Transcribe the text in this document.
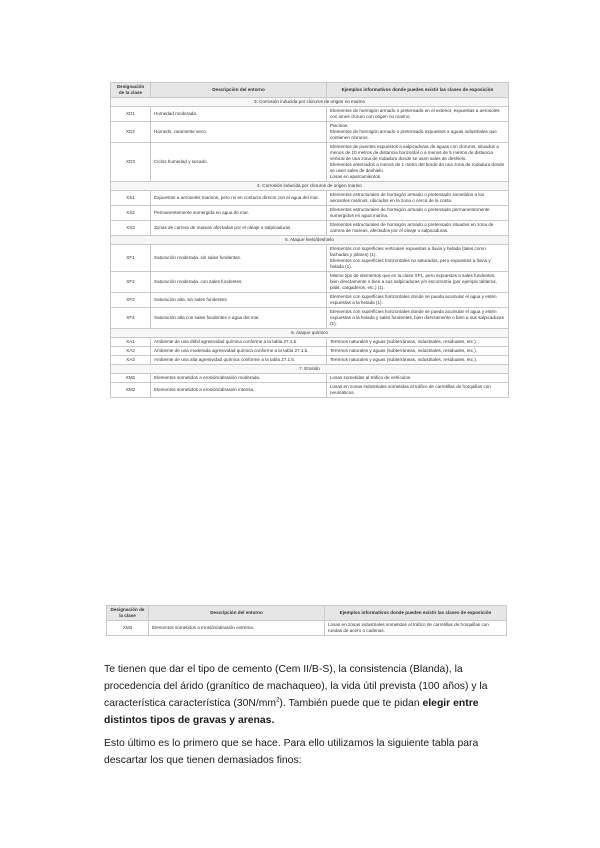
Designación de la clase	Descripción del entorno	Ejemplos informativos donde pueden existir las clases de exposición
3. Corrosión inducida por cloruros de origen no marino		
XD1	Humedad moderada.	Elementos de hormigón armado o pretensado en el exterior, expuestas a aerosoles con iones cloruro con origen no marino.
XD2	Húmedo, raramente seco.	Piscinas.
Elementos de hormigón armado o pretensado expuestos a aguas industriales que contienen cloruros.
XD3	Ciclos humedad y secado.	Elementos de puentes expuestos a salpicaduras de aguas con cloruros, situados a menos de 10 metros de distancia horizontal o a menos de 5 metros de distancia vertical de una zona de rodadura donde se usen sales de deshielo.
Elementos enterrados a menos de 1 metro del borde de una zona de rodadura donde se usen sales de deshielo.
Losas en aparcamientos.
4. Corrosión inducida por cloruros de origen marino		
XS1	Expuestos a aerosoles marinos, pero no en contacto directo con el agua del mar.	Elementos estructurales de hormigón armado o pretensado sometidos a los aerosoles marinos, ubicados en la zona o cerca de la costa.
XS2	Permanentemente sumergida en agua de mar.	Elementos estructurales de hormigón armado o pretensado permanentemente sumergidos en agua marina.
XS3	Zonas de carrera de mareas afectadas por el oleaje o salpicaduras.	Elementos estructurales de hormigón armado o pretensado situados en zona de carrera de mareas, afectados por el oleaje o salpicaduras.
5. Ataque hielo/deshielo		
XF1	Saturación moderada, sin sales fundentes.	Elementos con superficies verticales expuestas a lluvia y helada (tales como fachadas y pilares) (1).
Elementos con superficies horizontales no saturados, pero expuestos a lluvia y helada (1).
XF2	Saturación moderada, con sales fundentes.	Mismo tipo de elementos que en la clase XF1, pero expuestos a sales fundentes, bien directamente o bien a sus salpicaduras y/o escorrentía (por ejemplo tableros, pilas, cargaderos, etc.) (1).
XF3	Saturación alta, sin sales fundentes.	Elementos con superficies horizontales donde se pueda acumular el agua y estén expuestas a la helada (1).
XF4	Saturación alta con sales fundentes o agua del mar.	Elementos con superficies horizontales donde se pueda acumular el agua y estén expuestas a la helada y sales fundentes, bien directamente o bien a sus salpicaduras (1).
6. Ataque químico		
XA1	Ambiente de una débil agresividad química conforme a la tabla 27.1.b.	Terrenos naturales y aguas (subterráneas, industriales, residuales, etc.).
XA2	Ambiente de una moderada agresividad química conforme a la tabla 27.1.b.	Terrenos naturales y aguas (subterráneas, industriales, residuales, etc.).
XA3	Ambiente de una alta agresividad química conforme a la tabla 27.1.b.	Terrenos naturales y aguas (subterráneas, industriales, residuales, etc.).
7. Erosión		
XM1	Elementos sometidos a erosión/abrasión moderada.	Losas sometidas al tráfico de vehículos.
XM2	Elementos sometidos a erosión/abrasión intensa.	Losas en zonas industriales sometidas al tráfico de carretillas de horquillas con neumáticos.
Designación de la clase	Descripción del entorno	Ejemplos informativos donde pueden existir las clases de exposición
XM3	Elementos sometidos a erosión/abrasión extrema.	Losas en zonas industriales sometidas al tráfico de carretillas de horquillas con ruedas de acero o cadenas.

Te tienen que dar el tipo de cemento (Cem II/B-S), la consistencia (Blanda), la procedencia del árido (granítico de machaqueo), la vida útil prevista (100 años) y la característica característica $(30N/mm^2)$. También puede que te pidan elegir entre distintos tipos de gravas y arenas.

Esto último es lo primero que se hace. Para ello utilizamos la siguiente tabla para descartar los que tienen demasiados finos:
